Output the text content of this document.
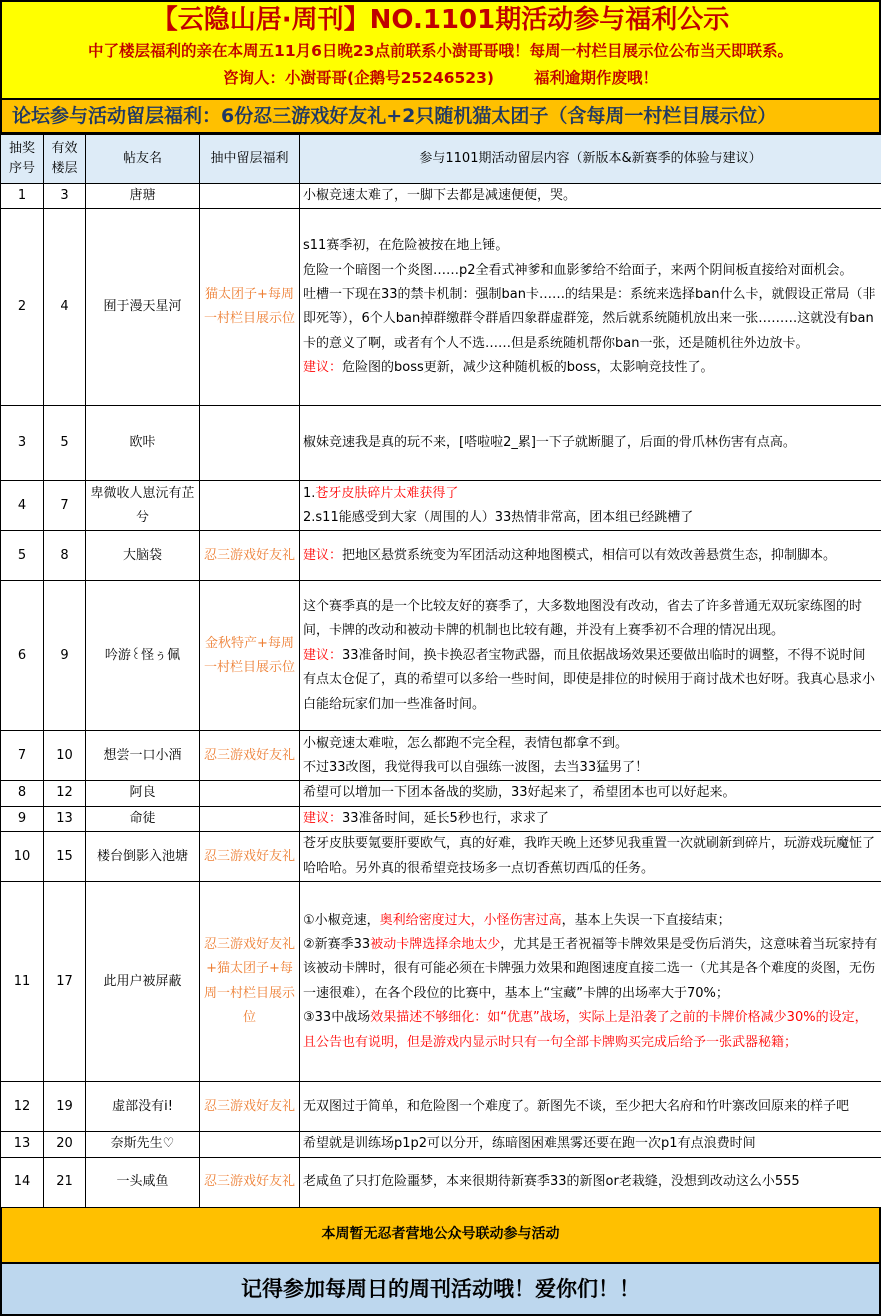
【云隐山居·周刊】NO.1101期活动参与福利公示
中了楼层福利的亲在本周五11月6日晚23点前联系小澍哥哥哦！每周一村栏目展示位公布当天即联系。
咨询人：小澍哥哥(企鹅号25246523)	福利逾期作废哦！
论坛参与活动留层福利：6份忍三游戏好友礼+2只随机猫太团子（含每周一村栏目展示位）
抽奖序号	有效楼层	帖友名	抽中留层福利	参与1101期活动留层内容（新版本&新赛季的体验与建议）
1	3	唐瑭		小椒竞速太难了，一脚下去都是减速便便，哭。

2	4	囿于漫天星河	猫太团子+每周一村栏目展示位	s11赛季初，在危险被按在地上锤。
危险一个暗图一个炎图……p2全看式神爹和血影爹给不给面子，来两个阴间板直接给对面机会。
吐槽一下现在33的禁卡机制：强制ban卡……的结果是：系统来选择ban什么卡，就假设正常局（非即死等），6个人ban掉群缴群令群盾四象群虚群笼，然后就系统随机放出来一张………这就没有ban卡的意义了啊，或者有个人不选……但是系统随机帮你ban一张，还是随机往外边放卡。
建议：危险图的boss更新，减少这种随机板的boss，太影响竞技性了。

3	5	欧咔		椒妹竞速我是真的玩不来，[嗒啦啦2_累]一下子就断腿了，后面的骨爪林伤害有点高。

4	7	卑微收人崽沅有芷兮		1.苍牙皮肤碎片太难获得了
2.s11能感受到大家（周围的人）33热情非常高，团本组已经跳槽了

5	8	大脑袋	忍三游戏好友礼	建议：把地区悬赏系统变为军团活动这种地图模式，相信可以有效改善悬赏生态，抑制脚本。

6	9	吟游꒰怪ぅ佩	金秋特产+每周一村栏目展示位	这个赛季真的是一个比较友好的赛季了，大多数地图没有改动，省去了许多普通无双玩家练图的时间，卡牌的改动和被动卡牌的机制也比较有趣，并没有上赛季初不合理的情况出现。
建议：33准备时间，换卡换忍者宝物武器，而且依据战场效果还要做出临时的调整，不得不说时间有点太仓促了，真的希望可以多给一些时间，即使是排位的时候用于商讨战术也好呀。我真心恳求小白能给玩家们加一些准备时间。

7	10	想尝一口小酒	忍三游戏好友礼	小椒竞速太难啦，怎么都跑不完全程，表情包都拿不到。
不过33改图，我觉得我可以自强练一波图，去当33猛男了！

8	12	阿良		希望可以增加一下团本备战的奖励，33好起来了，希望团本也可以好起来。

9	13	命徒		建议：33准备时间，延长5秒也行，求求了

10	15	楼台倒影入池塘	忍三游戏好友礼	苍牙皮肤要氪要肝要欧气，真的好难，我昨天晚上还梦见我重置一次就刷新到碎片，玩游戏玩魔怔了哈哈哈。另外真的很希望竞技场多一点切香蕉切西瓜的任务。

11	17	此用户被屏蔽	忍三游戏好友礼+猫太团子+每周一村栏目展示位	①小椒竞速，奥利给密度过大，小怪伤害过高，基本上失误一下直接结束；
②新赛季33被动卡牌选择余地太少，尤其是王者祝福等卡牌效果是受伤后消失，这意味着当玩家持有该被动卡牌时，很有可能必须在卡牌强力效果和跑图速度直接二选一（尤其是各个难度的炎图，无伤一速很难），在各个段位的比赛中，基本上“宝藏”卡牌的出场率大于70%；
③33中战场效果描述不够细化：如“优惠”战场，实际上是沿袭了之前的卡牌价格减少30%的设定，且公告也有说明，但是游戏内显示时只有一句全部卡牌购买完成后给予一张武器秘籍；

12	19	虚部没有i!	忍三游戏好友礼	无双图过于简单，和危险图一个难度了。新图先不谈，至少把大名府和竹叶寨改回原来的样子吧

13	20	奈斯先生♡		希望就是训练场p1p2可以分开，练暗图困难黑雾还要在跑一次p1有点浪费时间

14	21	一头咸鱼	忍三游戏好友礼	老咸鱼了只打危险噩梦，本来很期待新赛季33的新图or老栽缝，没想到改动这么小555
本周暂无忍者营地公众号联动参与活动
记得参加每周日的周刊活动哦！爱你们！！
